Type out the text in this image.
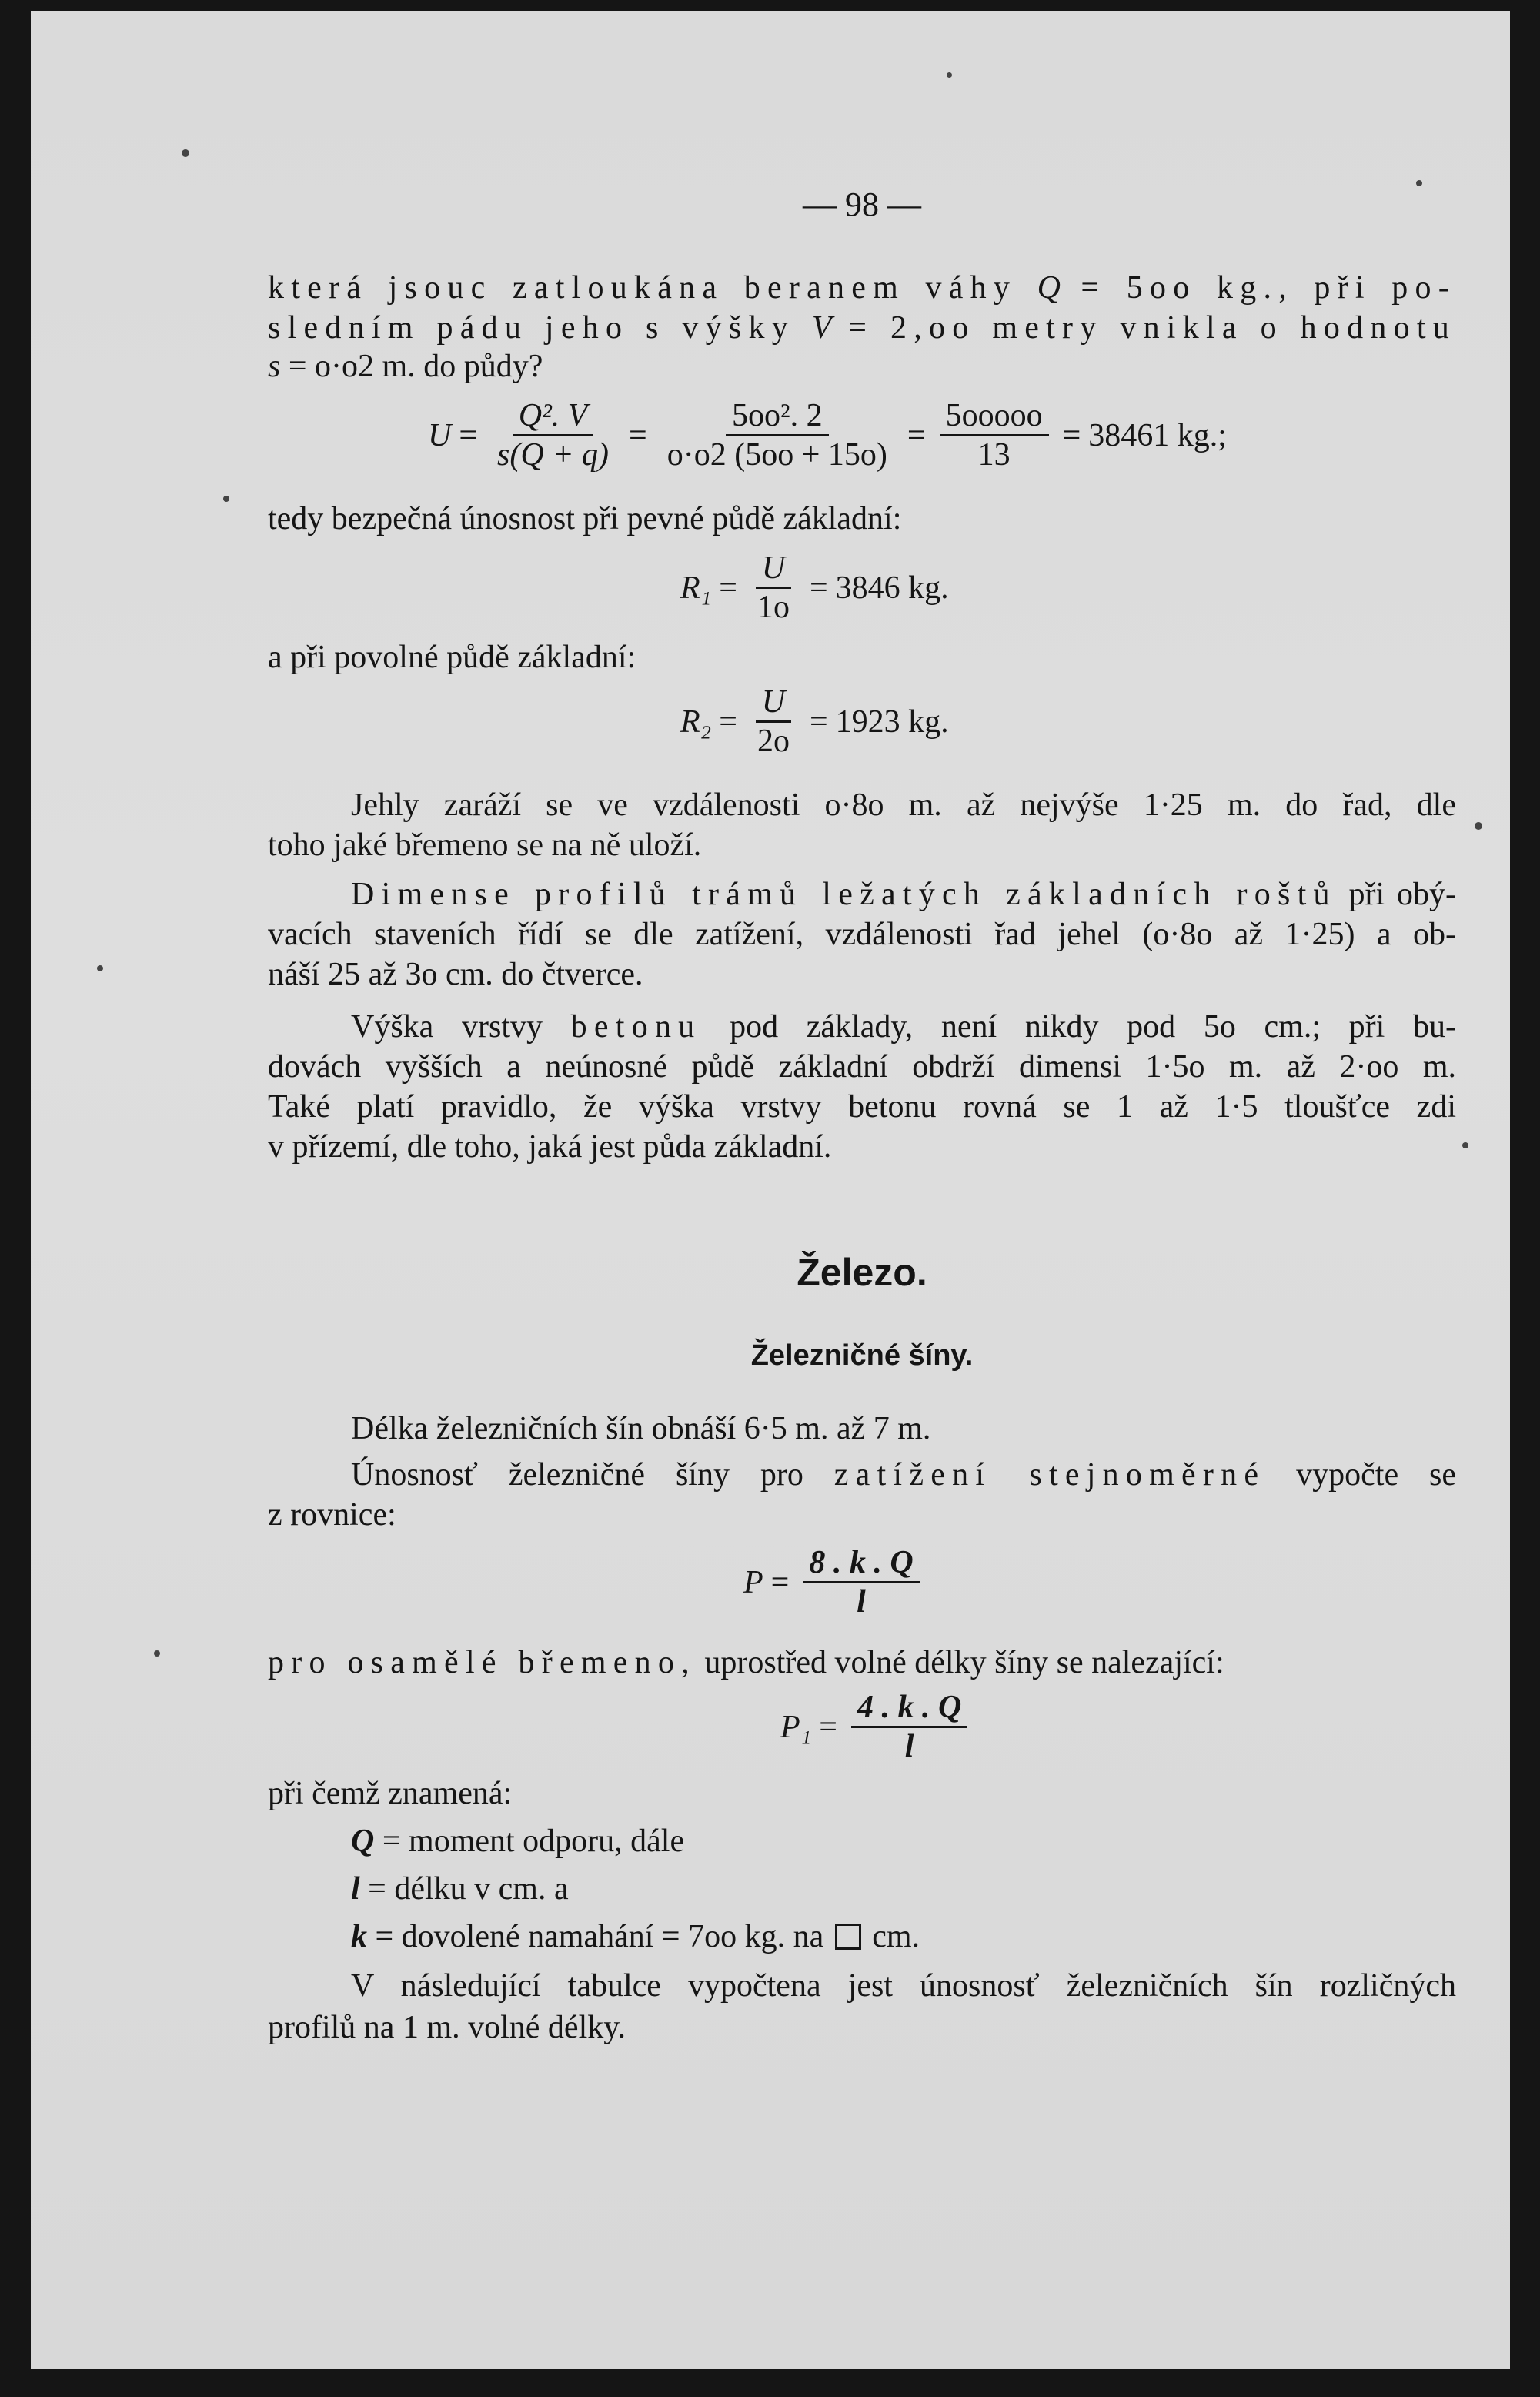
— 98 —
která jsouc zatloukána beranem váhy Q = 5oo kg., při po-
sledním pádu jeho s výšky V = 2,oo metry vnikla o hodnotu
s = o·o2 m. do půdy?
$U = \frac{\text{Q². V}}{s(Q + q)} = \frac{\text{5oo². 2}}{o\cdot o2 (5oo + 15o)} = \frac{\text{5ooooo}}{13} = 38461$ kg.;
tedy bezpečná únosnost při pevné půdě základní:
$R_1 = \frac{U}{1o} = 3846$ kg.
a při povolné půdě základní:
$R_2 = \frac{U}{2o} = 1923$ kg.
Jehly zaráží se ve vzdálenosti o·8o m. až nejvýše 1·25 m. do řad, dle
toho jaké břemeno se na ně uloží.
Dimense profilů trámů ležatých základních roštů při obý-
vacích staveních řídí se dle zatížení, vzdálenosti řad jehel (o·8o až 1·25) a ob-
náší 25 až 3o cm. do čtverce.
Výška vrstvy betonu pod základy, není nikdy pod 5o cm.; při bu-
dovách vyšších a neúnosné půdě základní obdrží dimensi 1·5o m. až 2·oo m.
Také platí pravidlo, že výška vrstvy betonu rovná se 1 až 1·5 tloušťce zdi
v přízemí, dle toho, jaká jest půda základní.
Železo.
Železničné šíny.
Délka železničních šín obnáší 6·5 m. až 7 m.
Únosnosť železničné šíny pro zatížení stejnoměrné vypočte se
z rovnice:
$P = \frac{8 . k . Q}{l}$
pro osamělé břemeno, uprostřed volné délky šíny se nalezající:
$P_1 = \frac{4 . k . Q}{l}$
při čemž znamená:
Q = moment odporu, dále
l = délku v cm. a
k = dovolené namahání = 7oo kg. na cm.
V následující tabulce vypočtena jest únosnosť železničních šín rozličných
profilů na 1 m. volné délky.
